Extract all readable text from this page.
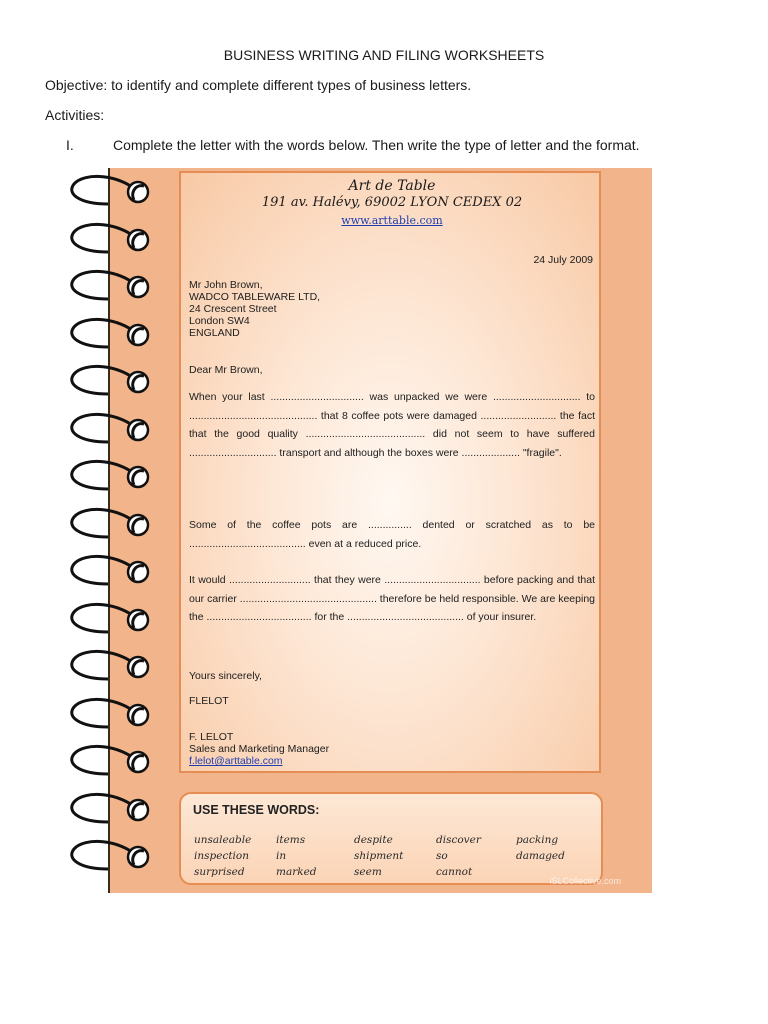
BUSINESS WRITING AND FILING WORKSHEETS
Objective: to identify and complete different types of business letters.
Activities:
I.	Complete the letter with the words below. Then write the type of letter and the format.
Art de Table
191 av. Halévy, 69002 LYON CEDEX 02
www.arttable.com
24 July 2009
Mr John Brown,
WADCO TABLEWARE LTD,
24 Crescent Street
London SW4
ENGLAND
Dear Mr Brown,
When your last ................................ was unpacked we were .............................. to ............................................ that 8 coffee pots were damaged .......................... the fact that the good quality ......................................... did not seem to have suffered .............................. transport and although the boxes were .................... "fragile".
Some of the coffee pots are ............... dented or scratched as to be ........................................ even at a reduced price.
It would ............................ that they were ................................. before packing and that our carrier ............................................... therefore be held responsible. We are keeping the .................................... for the ........................................ of your insurer.
Yours sincerely,
FLELOT
F. LELOT
Sales and Marketing Manager
f.lelot@arttable.com
USE THESE WORDS:
unsaleable
inspection
surprised
items
in
marked
despite
shipment
seem
discover
so
cannot
packing
damaged
iSLCollective.com
